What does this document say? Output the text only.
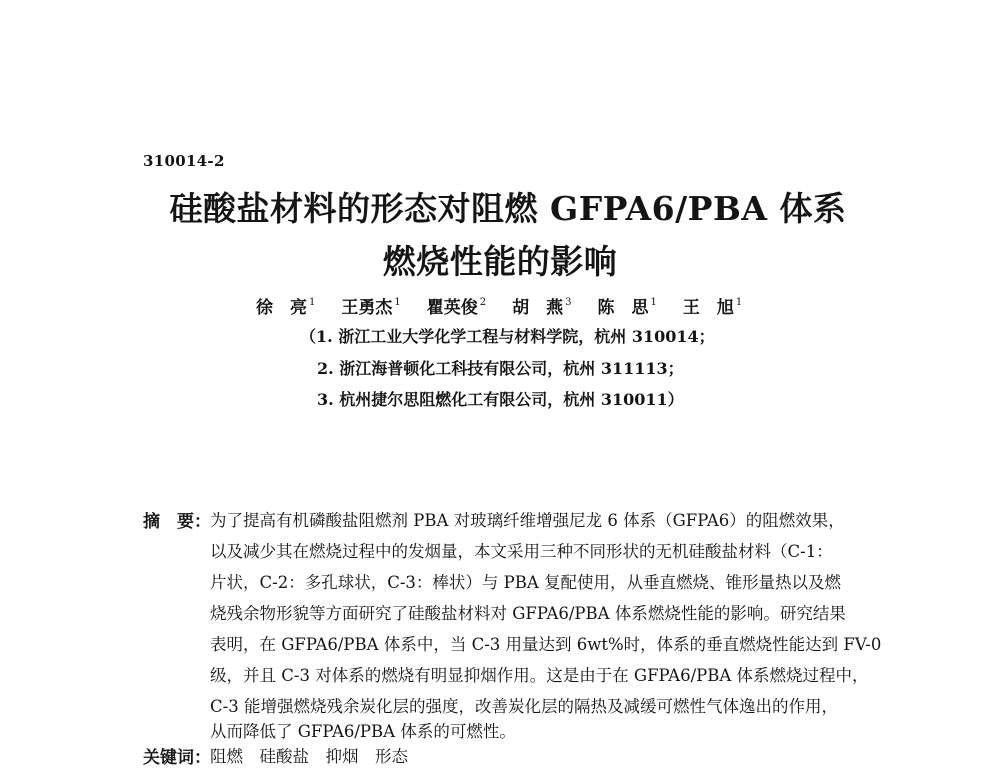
310014-2
硅酸盐材料的形态对阻燃 GFPA6/PBA 体系
燃烧性能的影响
徐　亮 $^1$ 王勇杰 $^1$ 瞿英俊 $^2$ 胡　燕 $^3$ 陈　思 $^1$ 王　旭 $^1$
（1. 浙江工业大学化学工程与材料学院，杭州 310014；
2. 浙江海普顿化工科技有限公司，杭州 311113；
3. 杭州捷尔思阻燃化工有限公司，杭州 310011）
摘　要： 为了提高有机磷酸盐阻燃剂 PBA 对玻璃纤维增强尼龙 6 体系（GFPA6）的阻燃效果，
以及减少其在燃烧过程中的发烟量，本文采用三种不同形状的无机硅酸盐材料（C-1：
片状，C-2：多孔球状，C-3：棒状）与 PBA 复配使用，从垂直燃烧、锥形量热以及燃
烧残余物形貌等方面研究了硅酸盐材料对 GFPA6/PBA 体系燃烧性能的影响。研究结果
表明，在 GFPA6/PBA 体系中，当 C-3 用量达到 6wt%时，体系的垂直燃烧性能达到 FV-0
级，并且 C-3 对体系的燃烧有明显抑烟作用。这是由于在 GFPA6/PBA 体系燃烧过程中，
C-3 能增强燃烧残余炭化层的强度，改善炭化层的隔热及减缓可燃性气体逸出的作用，
从而降低了 GFPA6/PBA 体系的可燃性。
关键词： 阻燃　硅酸盐　抑烟　形态
